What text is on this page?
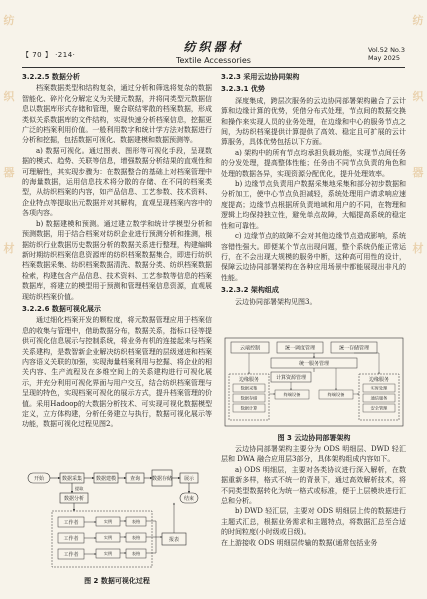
纺
织
器
材
纺
织
器
材
【 70 】 ·214·
纺织器材
Textile Accessories
Vol.52 No.3
May 2025
3.2.2.5 数据分析

档案数据类型和结构复杂，通过分析和筛选将复杂的数据智能化、碎片化分解定义为关键元数据，并将同类型元数据信息以数据库形式存储和管理，聚合联结零散的档案数据，形成类似关系数据库的文件结构，实现快速分析档案信息，挖掘更广泛的档案利用价值。一般利用数字和统计学方法对数据进行分析和挖掘，包括数据可视化、数据建模和数据预测等。

a) 数据可视化。通过图表、图形等可视化手段，呈现数据的模式、趋势、关联等信息，增强数据分析结果的直观性和可理解性，其实现步骤为：在数据整合的基础上对档案管理中的海量数据，运用信息技术将分散的存储、在不同的档案类型，从纺织档案的内容，如产品信息、工艺参数、技术资料、企业特点等提取出元数据并对其解构，直观呈现档案内容中的各项内容。

b) 数据建模和预测。通过建立数学和统计学模型分析和预测数据，用于结合档案对纺织企业进行预测分析和推测，根据纺织行业数据历史数据分析的数据关系进行整理，构建编辑新时期纺织档案信息资源库的纺织档案数据集合，即进行纺织档案数据采集、纺织档案数据清洗、数据分类、纺织档案数据检索，构建包含产品信息、技术资料、工艺参数等信息的档案数据库，将建立的模型用于预测和管理档案信息资源，直观展现纺织档案价值。

3.2.2.6 数据可视化展示

通过细化档案开发的颗粒度，将元数据管理应用于档案信息的收集与管理中，借助数据分布，数据关系，指标口径等提供可视化信息展示与控制系统，将业务有机的连接起来与档案关系建构，是数智新企业解决纺织档案管理的层级递进和档案内容语义关联的加强，实现海量档案利用与挖掘、将企业的相关内容、生产流程及在多维空间上的关系建构进行可视化展示，并充分利用可视化界面与用户交互，结合纺织档案管理与呈现的特色，实现档案可视化的展示方式，提升档案管理的价值。采用Hadoop的大数据分析技术、可实现可视化数据模型定义，立方体构建，分析任务建立与执行，数据可视化展示等功能，数据可视化过程见图2。

开始	数据采集	数据建模	查询 数据存储 展示
结束
提取
数据分析
工作者
工作者
工作者
实例
实例
实例
表格
表格
表格
报表
图 2 数据可视化过程
3.2.3 采用云边协同架构
3.2.3.1 优势

深度集成，跨层次服务的云边协同部署架构融合了云计算和边缘计算的优势，凭借分布式处理，节点间的数据交换和操作来实现人员的业务处理，在边缘和中心的服务节点之间，为纺织档案提供计算提供了高效、稳定且可扩展的云计算服务，具体优势包括以下方面。

a) 架构中的所有节点均承担负载功能，实现节点间任务的分发处理，提高整体性能；任务由不同节点负责的角色和处理的数据各异，实现资源分配优化，提升处理效率。

b) 边缘节点负责用户数据采集地采集和部分初步数据和分析加工，使中心节点负担减轻，系统处理用户请求响应速度提高；边缘节点根据所负责地域和用户的不同，在物理和逻辑上均保持独立性，避免单点故障，大幅提高系统的稳定性和可靠性。

c) 边缘节点的故障不会对其他边缘节点造成影响，系统容错性强大。即便某个节点出现问题，整个系统仍能正常运行，在不会出现大规模的服务中断，这种高可用性的设计，保障云边协同部署架构在各种应用场景中都能展现出非凡的性能。

3.2.3.2 架构组成

云边协同部署架构见图3。

云端控制	统一调度管理	统一存储管理
统一服务管理
计算资源管理
边缘服务
数据采集
数据存储
数据计算
边缘服务
实时处理
通信服务
安全管理
终端设备	终端设备
图 3 云边协同部署架构

云边协同部署架构主要分为 ODS 明细层、DWD 轻汇层和 DWA 融合应用层3部分，具体架构组成内容如下。

a) ODS 明细层，主要对各类协议进行深入解析，在数据重新多样，格式不统一的背景下，通过高效解析技术，将不同类型数据转化为统一格式或标准，便于上层模块进行汇总和分析。

b) DWD 轻汇层，主要对 ODS 明细层上传的数据进行主题式汇总，根据业务需求和主题特点，将数据汇总至合适的时间粒度(小时级或日级)。

在上游接收 ODS 明细层传输的数据(通常包括业务
